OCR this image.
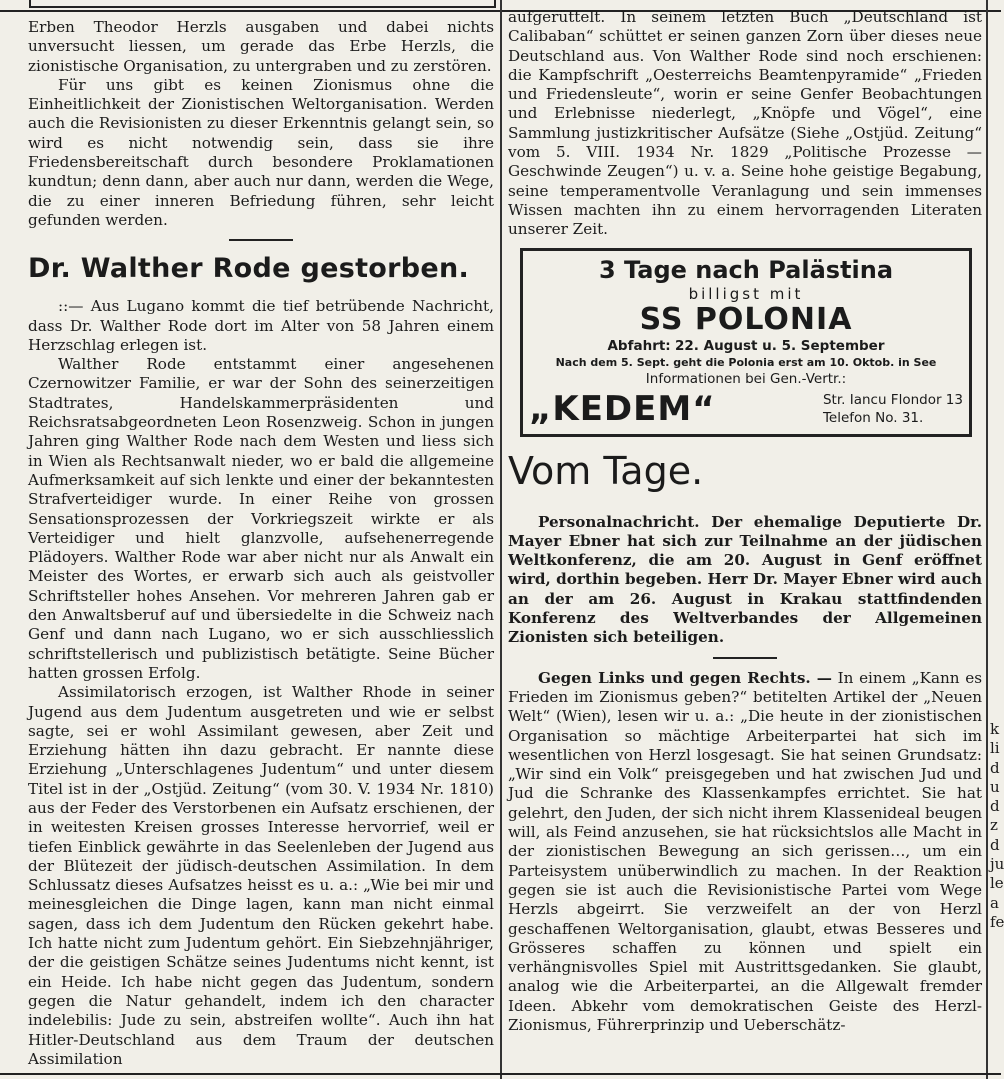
Erben Theodor Herzls ausgaben und dabei nichts unversucht liessen, um gerade das Erbe Herzls, die zionistische Organisation, zu untergraben und zu zerstören.

Für uns gibt es keinen Zionismus ohne die Einheitlichkeit der Zionistischen Weltorganisation. Werden auch die Revisionisten zu dieser Erkenntnis gelangt sein, so wird es nicht notwendig sein, dass sie ihre Friedensbereitschaft durch besondere Proklamationen kundtun; denn dann, aber auch nur dann, werden die Wege, die zu einer inneren Befriedung führen, sehr leicht gefunden werden.

Dr. Walther Rode gestorben.

::— Aus Lugano kommt die tief betrübende Nachricht, dass Dr. Walther Rode dort im Alter von 58 Jahren einem Herzschlag erlegen ist.

Walther Rode entstammt einer angesehenen Czernowitzer Familie, er war der Sohn des seinerzeitigen Stadtrates, Handelskammerpräsidenten und Reichsratsabgeordneten Leon Rosenzweig. Schon in jungen Jahren ging Walther Rode nach dem Westen und liess sich in Wien als Rechtsanwalt nieder, wo er bald die allgemeine Aufmerksamkeit auf sich lenkte und einer der bekanntesten Strafverteidiger wurde. In einer Reihe von grossen Sensationsprozessen der Vorkriegszeit wirkte er als Verteidiger und hielt glanzvolle, aufsehenerregende Plädoyers. Walther Rode war aber nicht nur als Anwalt ein Meister des Wortes, er erwarb sich auch als geistvoller Schriftsteller hohes Ansehen. Vor mehreren Jahren gab er den Anwaltsberuf auf und übersiedelte in die Schweiz nach Genf und dann nach Lugano, wo er sich ausschliesslich schriftstellerisch und publizistisch betätigte. Seine Bücher hatten grossen Erfolg.

Assimilatorisch erzogen, ist Walther Rhode in seiner Jugend aus dem Judentum ausgetreten und wie er selbst sagte, sei er wohl Assimilant gewesen, aber Zeit und Erziehung hätten ihn dazu gebracht. Er nannte diese Erziehung „Unterschlagenes Judentum“ und unter diesem Titel ist in der „Ostjüd. Zeitung“ (vom 30. V. 1934 Nr. 1810) aus der Feder des Verstorbenen ein Aufsatz erschienen, der in weitesten Kreisen grosses Interesse hervorrief, weil er tiefen Einblick gewährte in das Seelenleben der Jugend aus der Blütezeit der jüdisch-deutschen Assimilation. In dem Schlussatz dieses Aufsatzes heisst es u. a.: „Wie bei mir und meinesgleichen die Dinge lagen, kann man nicht einmal sagen, dass ich dem Judentum den Rücken gekehrt habe. Ich hatte nicht zum Judentum gehört. Ein Siebzehnjähriger, der die geistigen Schätze seines Judentums nicht kennt, ist ein Heide. Ich habe nicht gegen das Judentum, sondern gegen die Natur gehandelt, indem ich den character indelebilis: Jude zu sein, abstreifen wollte“. Auch ihn hat Hitler-Deutschland aus dem Traum der deutschen Assimilation

aufgerüttelt. In seinem letzten Buch „Deutschland ist Calibaban“ schüttet er seinen ganzen Zorn über dieses neue Deutschland aus. Von Walther Rode sind noch erschienen: die Kampfschrift „Oesterreichs Beamtenpyramide“ „Frieden und Friedensleute“, worin er seine Genfer Beobachtungen und Erlebnisse niederlegt, „Knöpfe und Vögel“, eine Sammlung justizkritischer Aufsätze (Siehe „Ostjüd. Zeitung“ vom 5. VIII. 1934 Nr. 1829 „Politische Prozesse — Geschwinde Zeugen“) u. v. a. Seine hohe geistige Begabung, seine temperamentvolle Veranlagung und sein immenses Wissen machten ihn zu einem hervorragenden Literaten unserer Zeit.

3 Tage nach Palästina
billigst mit
SS POLONIA
Abfahrt: 22. August u. 5. September
Nach dem 5. Sept. geht die Polonia erst am 10. Oktob. in See
Informationen bei Gen.-Vertr.:
„KEDEM“	Str. Iancu Flondor 13
Telefon No. 31.
Vom Tage.

Personalnachricht. Der ehemalige Deputierte Dr. Mayer Ebner hat sich zur Teilnahme an der jüdischen Weltkonferenz, die am 20. August in Genf eröffnet wird, dorthin begeben. Herr Dr. Mayer Ebner wird auch an der am 26. August in Krakau stattfindenden Konferenz des Weltverbandes der Allgemeinen Zionisten sich beteiligen.

Gegen Links und gegen Rechts. — In einem „Kann es Frieden im Zionismus geben?“ betitelten Artikel der „Neuen Welt“ (Wien), lesen wir u. a.: „Die heute in der zionistischen Organisation so mächtige Arbeiterpartei hat sich im wesentlichen von Herzl losgesagt. Sie hat seinen Grundsatz: „Wir sind ein Volk“ preisgegeben und hat zwischen Jud und Jud die Schranke des Klassenkampfes errichtet. Sie hat gelehrt, den Juden, der sich nicht ihrem Klassenideal beugen will, als Feind anzusehen, sie hat rücksichtslos alle Macht in der zionistischen Bewegung an sich gerissen…, um ein Parteisystem unüberwindlich zu machen. In der Reaktion gegen sie ist auch die Revisionistische Partei vom Wege Herzls abgeirrt. Sie verzweifelt an der von Herzl geschaffenen Weltorganisation, glaubt, etwas Besseres und Grösseres schaffen zu können und spielt ein verhängnisvolles Spiel mit Austrittsgedanken. Sie glaubt, analog wie die Arbeiterpartei, an die Allgewalt fremder Ideen. Abkehr vom demokratischen Geiste des Herzl-Zionismus, Führerprinzip und Ueberschätz-

k
li
d
u
d
z
d
ju
le
a
fe
